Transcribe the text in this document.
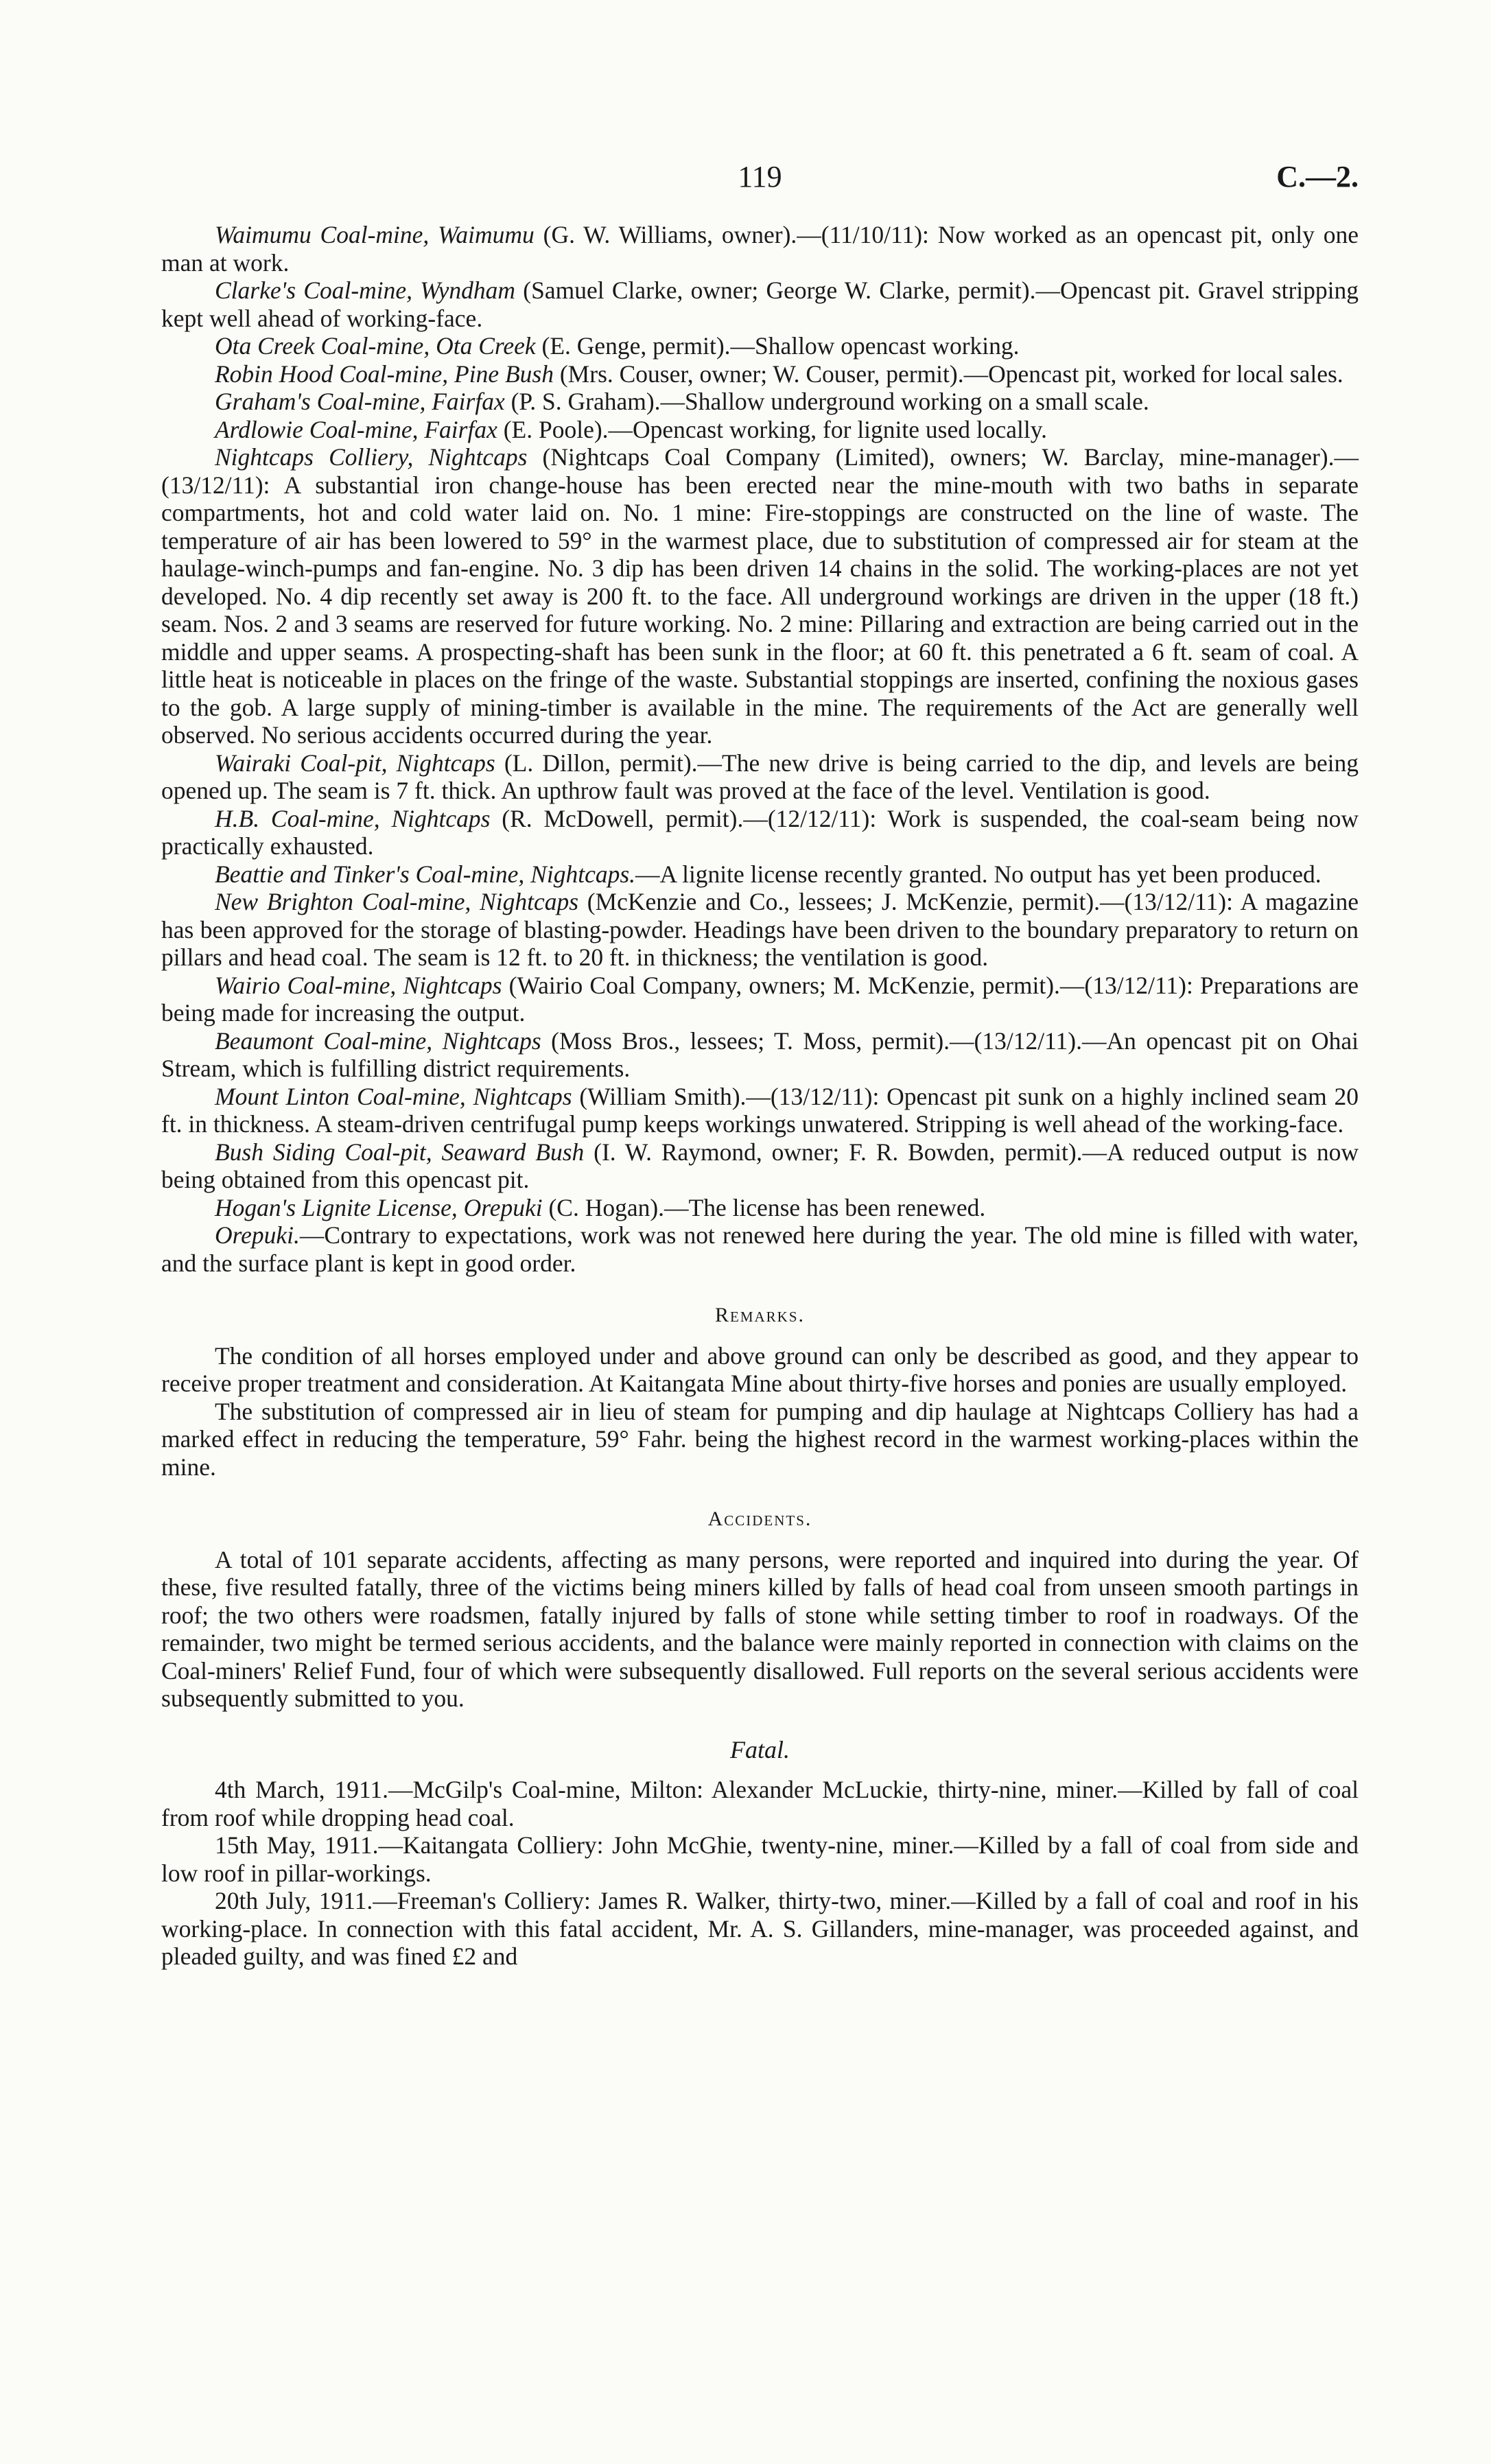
119	C.—2.

Waimumu Coal-mine, Waimumu (G. W. Williams, owner).—(11/10/11): Now worked as an opencast pit, only one man at work.

Clarke's Coal-mine, Wyndham (Samuel Clarke, owner; George W. Clarke, permit).—Opencast pit. Gravel stripping kept well ahead of working-face.

Ota Creek Coal-mine, Ota Creek (E. Genge, permit).—Shallow opencast working.

Robin Hood Coal-mine, Pine Bush (Mrs. Couser, owner; W. Couser, permit).—Opencast pit, worked for local sales.

Graham's Coal-mine, Fairfax (P. S. Graham).—Shallow underground working on a small scale.

Ardlowie Coal-mine, Fairfax (E. Poole).—Opencast working, for lignite used locally.

Nightcaps Colliery, Nightcaps (Nightcaps Coal Company (Limited), owners; W. Barclay, mine-manager).—(13/12/11): A substantial iron change-house has been erected near the mine-mouth with two baths in separate compartments, hot and cold water laid on. No. 1 mine: Fire-stoppings are constructed on the line of waste. The temperature of air has been lowered to 59° in the warmest place, due to substitution of compressed air for steam at the haulage-winch-pumps and fan-engine. No. 3 dip has been driven 14 chains in the solid. The working-places are not yet developed. No. 4 dip recently set away is 200 ft. to the face. All underground workings are driven in the upper (18 ft.) seam. Nos. 2 and 3 seams are reserved for future working. No. 2 mine: Pillaring and extraction are being carried out in the middle and upper seams. A prospecting-shaft has been sunk in the floor; at 60 ft. this penetrated a 6 ft. seam of coal. A little heat is noticeable in places on the fringe of the waste. Substantial stoppings are inserted, confining the noxious gases to the gob. A large supply of mining-timber is available in the mine. The requirements of the Act are generally well observed. No serious accidents occurred during the year.

Wairaki Coal-pit, Nightcaps (L. Dillon, permit).—The new drive is being carried to the dip, and levels are being opened up. The seam is 7 ft. thick. An upthrow fault was proved at the face of the level. Ventilation is good.

H.B. Coal-mine, Nightcaps (R. McDowell, permit).—(12/12/11): Work is suspended, the coal-seam being now practically exhausted.

Beattie and Tinker's Coal-mine, Nightcaps.—A lignite license recently granted. No output has yet been produced.

New Brighton Coal-mine, Nightcaps (McKenzie and Co., lessees; J. McKenzie, permit).—(13/12/11): A magazine has been approved for the storage of blasting-powder. Headings have been driven to the boundary preparatory to return on pillars and head coal. The seam is 12 ft. to 20 ft. in thickness; the ventilation is good.

Wairio Coal-mine, Nightcaps (Wairio Coal Company, owners; M. McKenzie, permit).—(13/12/11): Preparations are being made for increasing the output.

Beaumont Coal-mine, Nightcaps (Moss Bros., lessees; T. Moss, permit).—(13/12/11).—An opencast pit on Ohai Stream, which is fulfilling district requirements.

Mount Linton Coal-mine, Nightcaps (William Smith).—(13/12/11): Opencast pit sunk on a highly inclined seam 20 ft. in thickness. A steam-driven centrifugal pump keeps workings unwatered. Stripping is well ahead of the working-face.

Bush Siding Coal-pit, Seaward Bush (I. W. Raymond, owner; F. R. Bowden, permit).—A reduced output is now being obtained from this opencast pit.

Hogan's Lignite License, Orepuki (C. Hogan).—The license has been renewed.

Orepuki.—Contrary to expectations, work was not renewed here during the year. The old mine is filled with water, and the surface plant is kept in good order.

Remarks.

The condition of all horses employed under and above ground can only be described as good, and they appear to receive proper treatment and consideration. At Kaitangata Mine about thirty-five horses and ponies are usually employed.

The substitution of compressed air in lieu of steam for pumping and dip haulage at Nightcaps Colliery has had a marked effect in reducing the temperature, 59° Fahr. being the highest record in the warmest working-places within the mine.

Accidents.

A total of 101 separate accidents, affecting as many persons, were reported and inquired into during the year. Of these, five resulted fatally, three of the victims being miners killed by falls of head coal from unseen smooth partings in roof; the two others were roadsmen, fatally injured by falls of stone while setting timber to roof in roadways. Of the remainder, two might be termed serious accidents, and the balance were mainly reported in connection with claims on the Coal-miners' Relief Fund, four of which were subsequently disallowed. Full reports on the several serious accidents were subsequently submitted to you.

Fatal.

4th March, 1911.—McGilp's Coal-mine, Milton: Alexander McLuckie, thirty-nine, miner.—Killed by fall of coal from roof while dropping head coal.

15th May, 1911.—Kaitangata Colliery: John McGhie, twenty-nine, miner.—Killed by a fall of coal from side and low roof in pillar-workings.

20th July, 1911.—Freeman's Colliery: James R. Walker, thirty-two, miner.—Killed by a fall of coal and roof in his working-place. In connection with this fatal accident, Mr. A. S. Gillanders, mine-manager, was proceeded against, and pleaded guilty, and was fined £2 and
